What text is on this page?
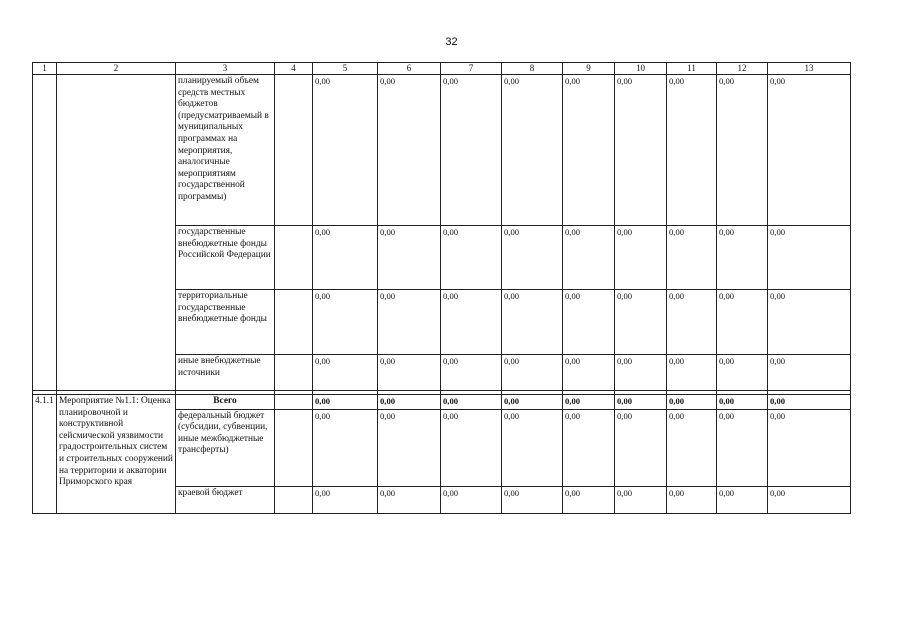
32
1	2	3	4	5	6	7	8	9	10	11	12	13
		планируемый объем средств местных бюджетов (предусматриваемый в муниципальных программах на мероприятия, аналогичные мероприятиям государственной программы)		0,00	0,00	0,00	0,00	0,00	0,00	0,00	0,00	0,00
		государственные внебюджетные фонды Российской Федерации		0,00	0,00	0,00	0,00	0,00	0,00	0,00	0,00	0,00
		территориальные государственные внебюджетные фонды		0,00	0,00	0,00	0,00	0,00	0,00	0,00	0,00	0,00
		иные внебюджетные источники		0,00	0,00	0,00	0,00	0,00	0,00	0,00	0,00	0,00

4.1.1	Мероприятие №1.1: Оценка планировочной и конструктивной сейсмической уязвимости градостроительных систем и строительных сооружений на территории и акватории Приморского края	Всего		0,00	0,00	0,00	0,00	0,00	0,00	0,00	0,00	0,00
		федеральный бюджет (субсидии, субвенции, иные межбюджетные трансферты)		0,00	0,00	0,00	0,00	0,00	0,00	0,00	0,00	0,00
		краевой бюджет		0,00	0,00	0,00	0,00	0,00	0,00	0,00	0,00	0,00
